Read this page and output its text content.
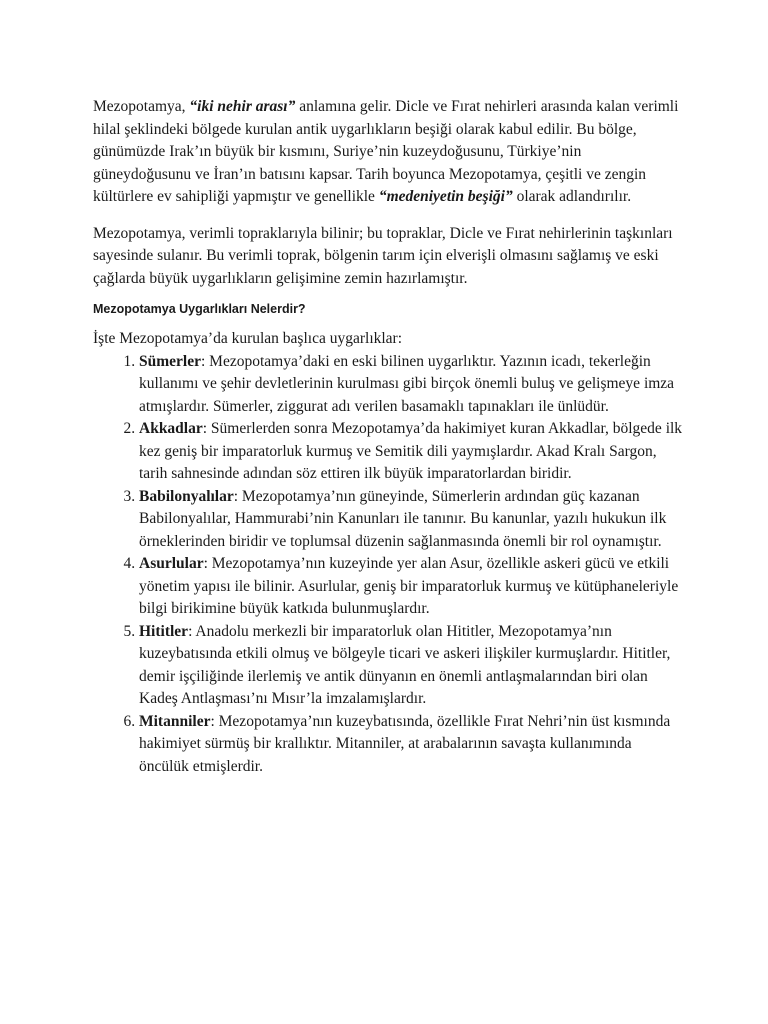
Mezopotamya, “iki nehir arası” anlamına gelir. Dicle ve Fırat nehirleri arasında kalan verimli hilal şeklindeki bölgede kurulan antik uygarlıkların beşiği olarak kabul edilir. Bu bölge, günümüzde Irak’ın büyük bir kısmını, Suriye’nin kuzeydoğusunu, Türkiye’nin güneydoğusunu ve İran’ın batısını kapsar. Tarih boyunca Mezopotamya, çeşitli ve zengin kültürlere ev sahipliği yapmıştır ve genellikle “medeniyetin beşiği” olarak adlandırılır.

Mezopotamya, verimli topraklarıyla bilinir; bu topraklar, Dicle ve Fırat nehirlerinin taşkınları sayesinde sulanır. Bu verimli toprak, bölgenin tarım için elverişli olmasını sağlamış ve eski çağlarda büyük uygarlıkların gelişimine zemin hazırlamıştır.

Mezopotamya Uygarlıkları Nelerdir?

İşte Mezopotamya’da kurulan başlıca uygarlıklar:

1. Sümerler: Mezopotamya’daki en eski bilinen uygarlıktır. Yazının icadı, tekerleğin kullanımı ve şehir devletlerinin kurulması gibi birçok önemli buluş ve gelişmeye imza atmışlardır. Sümerler, ziggurat adı verilen basamaklı tapınakları ile ünlüdür.
2. Akkadlar: Sümerlerden sonra Mezopotamya’da hakimiyet kuran Akkadlar, bölgede ilk kez geniş bir imparatorluk kurmuş ve Semitik dili yaymışlardır. Akad Kralı Sargon, tarih sahnesinde adından söz ettiren ilk büyük imparatorlardan biridir.
3. Babilonyalılar: Mezopotamya’nın güneyinde, Sümerlerin ardından güç kazanan Babilonyalılar, Hammurabi’nin Kanunları ile tanınır. Bu kanunlar, yazılı hukukun ilk örneklerinden biridir ve toplumsal düzenin sağlanmasında önemli bir rol oynamıştır.
4. Asurlular: Mezopotamya’nın kuzeyinde yer alan Asur, özellikle askeri gücü ve etkili yönetim yapısı ile bilinir. Asurlular, geniş bir imparatorluk kurmuş ve kütüphaneleriyle bilgi birikimine büyük katkıda bulunmuşlardır.
5. Hititler: Anadolu merkezli bir imparatorluk olan Hititler, Mezopotamya’nın kuzeybatısında etkili olmuş ve bölgeyle ticari ve askeri ilişkiler kurmuşlardır. Hititler, demir işçiliğinde ilerlemiş ve antik dünyanın en önemli antlaşmalarından biri olan Kadeş Antlaşması’nı Mısır’la imzalamışlardır.
6. Mitanniler: Mezopotamya’nın kuzeybatısında, özellikle Fırat Nehri’nin üst kısmında hakimiyet sürmüş bir krallıktır. Mitanniler, at arabalarının savaşta kullanımında öncülük etmişlerdir.
